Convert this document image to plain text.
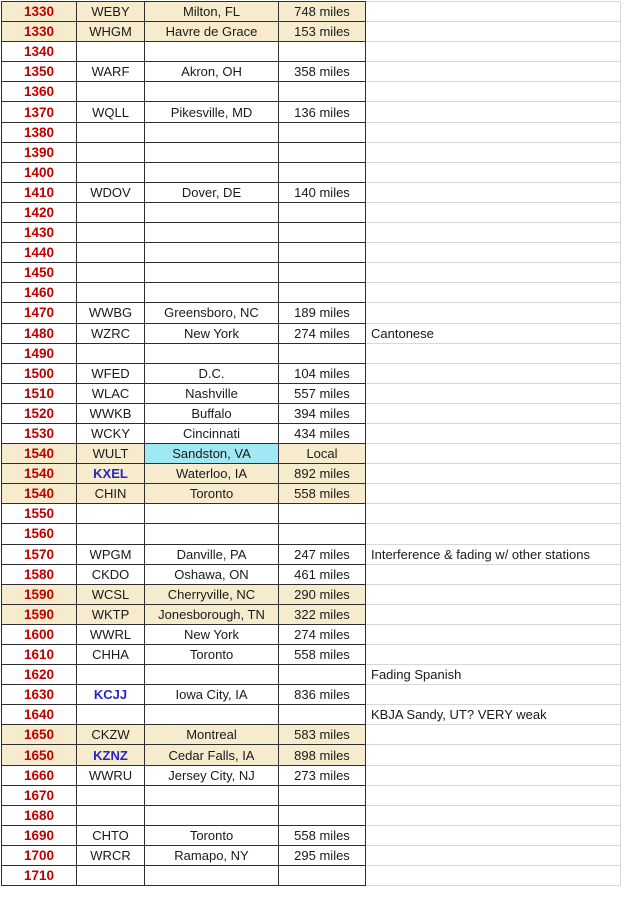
1330	WEBY	Milton, FL	748 miles	
1330	WHGM	Havre de Grace	153 miles	
1340				
1350	WARF	Akron, OH	358 miles	
1360				
1370	WQLL	Pikesville, MD	136 miles	
1380				
1390				
1400				
1410	WDOV	Dover, DE	140 miles	
1420				
1430				
1440				
1450				
1460				
1470	WWBG	Greensboro, NC	189 miles	
1480	WZRC	New York	274 miles	Cantonese
1490				
1500	WFED	D.C.	104 miles	
1510	WLAC	Nashville	557 miles	
1520	WWKB	Buffalo	394 miles	
1530	WCKY	Cincinnati	434 miles	
1540	WULT	Sandston, VA	Local	
1540	KXEL	Waterloo, IA	892 miles	
1540	CHIN	Toronto	558 miles	
1550				
1560				
1570	WPGM	Danville, PA	247 miles	Interference & fading w/ other stations
1580	CKDO	Oshawa, ON	461 miles	
1590	WCSL	Cherryville, NC	290 miles	
1590	WKTP	Jonesborough, TN	322 miles	
1600	WWRL	New York	274 miles	
1610	CHHA	Toronto	558 miles	
1620				Fading Spanish
1630	KCJJ	Iowa City, IA	836 miles	
1640				KBJA Sandy, UT? VERY weak
1650	CKZW	Montreal	583 miles	
1650	KZNZ	Cedar Falls, IA	898 miles	
1660	WWRU	Jersey City, NJ	273 miles	
1670				
1680				
1690	CHTO	Toronto	558 miles	
1700	WRCR	Ramapo, NY	295 miles	
1710				
